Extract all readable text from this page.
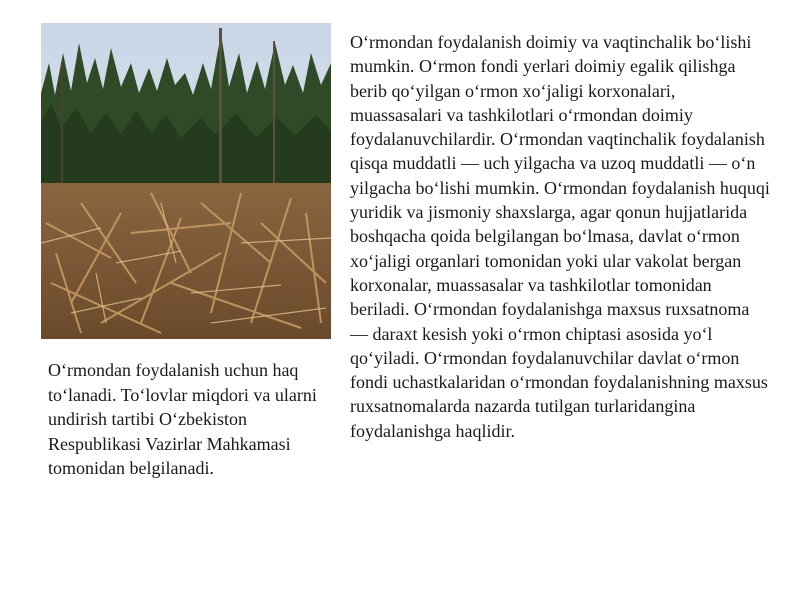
O‘rmondan foydalanish uchun haq to‘lanadi. To‘lovlar miqdori va ularni undirish tartibi O‘zbekiston Respublikasi Vazirlar Mahkamasi tomonidan belgilanadi.

O‘rmondan foydalanish doimiy va vaqtinchalik bo‘lishi mumkin. O‘rmon fondi yerlari doimiy egalik qilishga berib qo‘yilgan o‘rmon xo‘jaligi korxonalari, muassasalari va tashkilotlari o‘rmondan doimiy foydalanuvchilardir. O‘rmondan vaqtinchalik foydalanish qisqa muddatli — uch yilgacha va uzoq muddatli — o‘n yilgacha bo‘lishi mumkin. O‘rmondan foydalanish huquqi yuridik va jismoniy shaxslarga, agar qonun hujjatlarida boshqacha qoida belgilangan bo‘lmasa, davlat o‘rmon xo‘jaligi organlari tomonidan yoki ular vakolat bergan korxonalar, muassasalar va tashkilotlar tomonidan beriladi. O‘rmondan foydalanishga maxsus ruxsatnoma — daraxt kesish yoki o‘rmon chiptasi asosida yo‘l qo‘yiladi. O‘rmondan foydalanuvchilar davlat o‘rmon fondi uchastkalaridan o‘rmondan foydalanishning maxsus ruxsatnomalarda nazarda tutilgan turlaridangina foydalanishga haqlidir.
